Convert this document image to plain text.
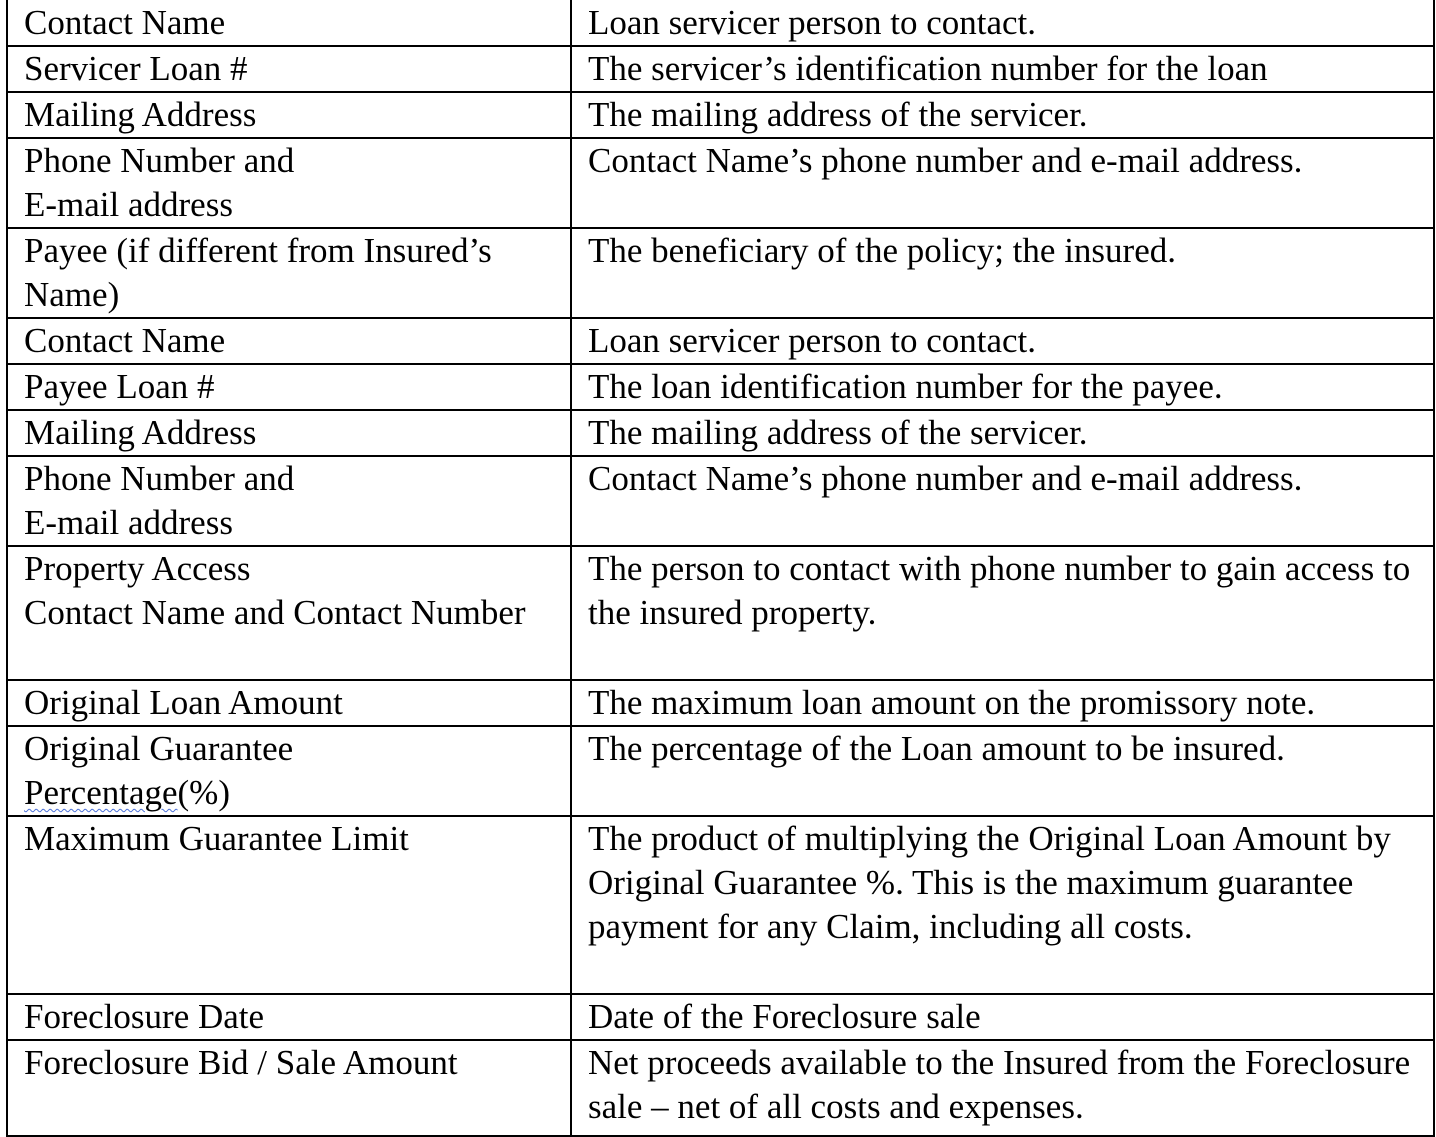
Contact Name	Loan servicer person to contact.
Servicer Loan #	The servicer’s identification number for the loan
Mailing Address	The mailing address of the servicer.
Phone Number and
E-mail address	Contact Name’s phone number and e-mail address.
Payee (if different from Insured’s Name)	The beneficiary of the policy; the insured.
Contact Name	Loan servicer person to contact.
Payee Loan #	The loan identification number for the payee.
Mailing Address	The mailing address of the servicer.
Phone Number and
E-mail address	Contact Name’s phone number and e-mail address.
Property Access
Contact Name and Contact Number	The person to contact with phone number to gain access to the insured property.
Original Loan Amount	The maximum loan amount on the promissory note.
Original Guarantee
Percentage(%)	The percentage of the Loan amount to be insured.
Maximum Guarantee Limit	The product of multiplying the Original Loan Amount by Original Guarantee %. This is the maximum guarantee payment for any Claim, including all costs.
Foreclosure Date	Date of the Foreclosure sale
Foreclosure Bid / Sale Amount	Net proceeds available to the Insured from the Foreclosure sale – net of all costs and expenses.
